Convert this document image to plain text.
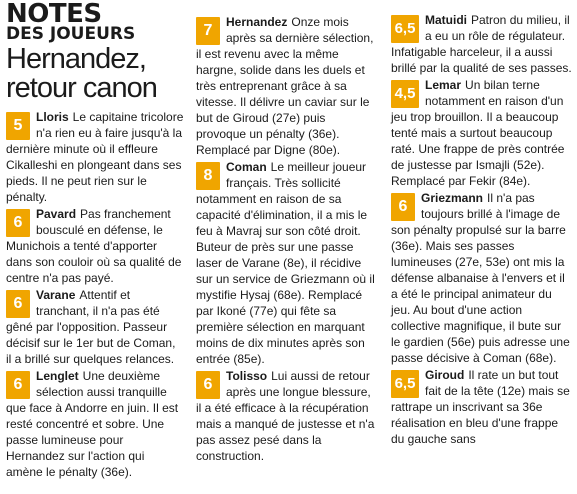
NOTES
DES JOUEURS
Hernandez,
retour canon
5	Lloris Le capitaine tricolore n'a rien eu à faire jusqu'à la dernière minute où il effleure Cikalleshi en plongeant dans ses pieds. Il ne peut rien sur le pénalty.
6	Pavard Pas franchement bousculé en défense, le Munichois a tenté d'apporter dans son couloir où sa qualité de centre n'a pas payé.
6	Varane Attentif et tranchant, il n'a pas été gêné par l'opposition. Passeur décisif sur le 1er but de Coman, il a brillé sur quelques relances.
6	Lenglet Une deuxième sélection aussi tranquille que face à Andorre en juin. Il est resté concentré et sobre. Une passe lumineuse pour Hernandez sur l'action qui amène le pénalty (36e).
7	Hernandez Onze mois après sa dernière sélection, il est revenu avec la même hargne, solide dans les duels et très entreprenant grâce à sa vitesse. Il délivre un caviar sur le but de Giroud (27e) puis provoque un pénalty (36e). Remplacé par Digne (80e).
8	Coman Le meilleur joueur français. Très sollicité notamment en raison de sa capacité d'élimination, il a mis le feu à Mavraj sur son côté droit. Buteur de près sur une passe laser de Varane (8e), il récidive sur un service de Griezmann où il mystifie Hysaj (68e). Remplacé par Ikoné (77e) qui fête sa première sélection en marquant moins de dix minutes après son entrée (85e).
6	Tolisso Lui aussi de retour après une longue blessure, il a été efficace à la récupération mais a manqué de justesse et n'a pas assez pesé dans la construction.
6,5 Matuidi Patron du milieu, il a eu un rôle de régulateur. Infatigable harceleur, il a aussi brillé par la qualité de ses passes.
4,5 Lemar Un bilan terne notamment en raison d'un jeu trop brouillon. Il a beaucoup tenté mais a surtout beaucoup raté. Une frappe de près contrée de justesse par Ismajli (52e). Remplacé par Fekir (84e).
6	Griezmann Il n'a pas toujours brillé à l'image de son pénalty propulsé sur la barre (36e). Mais ses passes lumineuses (27e, 53e) ont mis la défense albanaise à l'envers et il a été le principal animateur du jeu. Au bout d'une action collective magnifique, il bute sur le gardien (56e) puis adresse une passe décisive à Coman (68e).
6,5 Giroud Il rate un but tout fait de la tête (12e) mais se rattrape un inscrivant sa 36e réalisation en bleu d'une frappe du gauche sans
